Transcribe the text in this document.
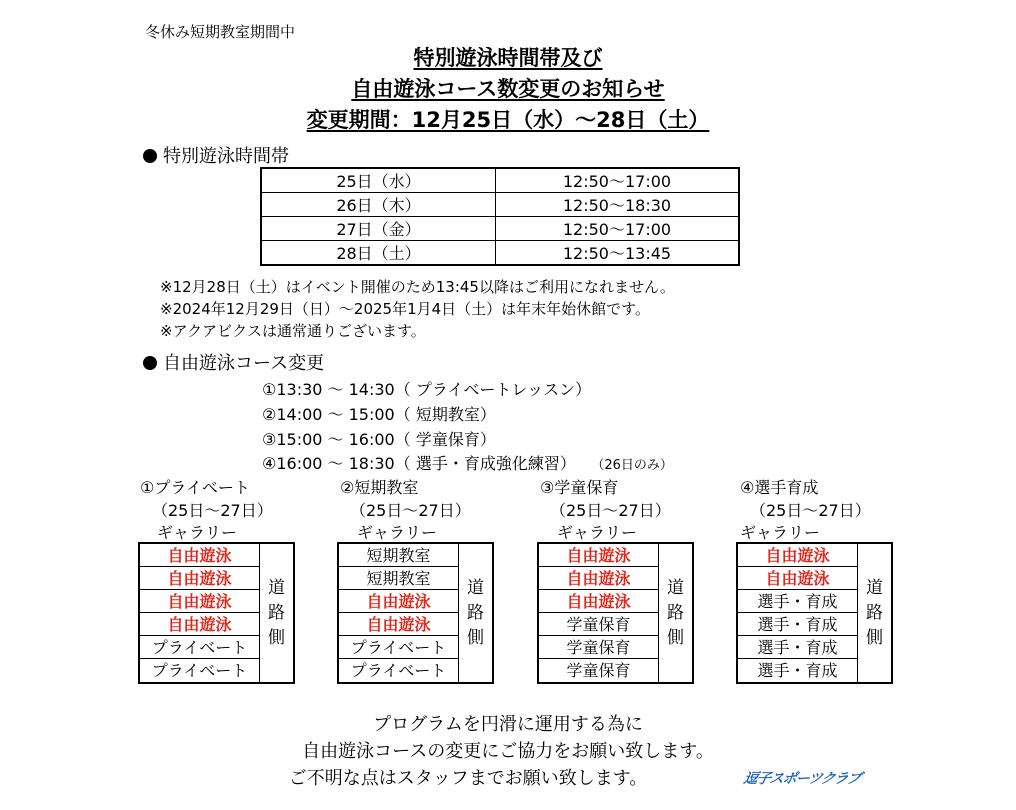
冬休み短期教室期間中
特別遊泳時間帯及び
自由遊泳コース数変更のお知らせ
変更期間：12月25日（水）～28日（土）
特別遊泳時間帯
25日（水）	12:50～17:00
26日（木）	12:50～18:30
27日（金）	12:50～17:00
28日（土）	12:50～13:45
※12月28日（土）はイベント開催のため13:45以降はご利用になれません。
※2024年12月29日（日）～2025年1月4日（土）は年末年始休館です。
※アクアビクスは通常通りございます。
自由遊泳コース変更
①13:30 ～ 14:30（ プライベートレッスン）
②14:00 ～ 15:00（ 短期教室）
③15:00 ～ 16:00（ 学童保育）
④16:00 ～ 18:30（ 選手・育成強化練習） （26日のみ）
①プライベート
（25日～27日）
ギャラリー
自由遊泳
自由遊泳
自由遊泳
自由遊泳
プライベート
プライベート
道
路
側
②短期教室
（25日～27日）
ギャラリー
短期教室
短期教室
自由遊泳
自由遊泳
プライベート
プライベート
道
路
側
③学童保育
（25日～27日）
ギャラリー
自由遊泳
自由遊泳
自由遊泳
学童保育
学童保育
学童保育
道
路
側
④選手育成
（25日～27日）
ギャラリー
自由遊泳
自由遊泳
選手・育成
選手・育成
選手・育成
選手・育成
道
路
側
プログラムを円滑に運用する為に
自由遊泳コースの変更にご協力をお願い致します。
ご不明な点はスタッフまでお願い致します。	逗子スポーツクラブ
